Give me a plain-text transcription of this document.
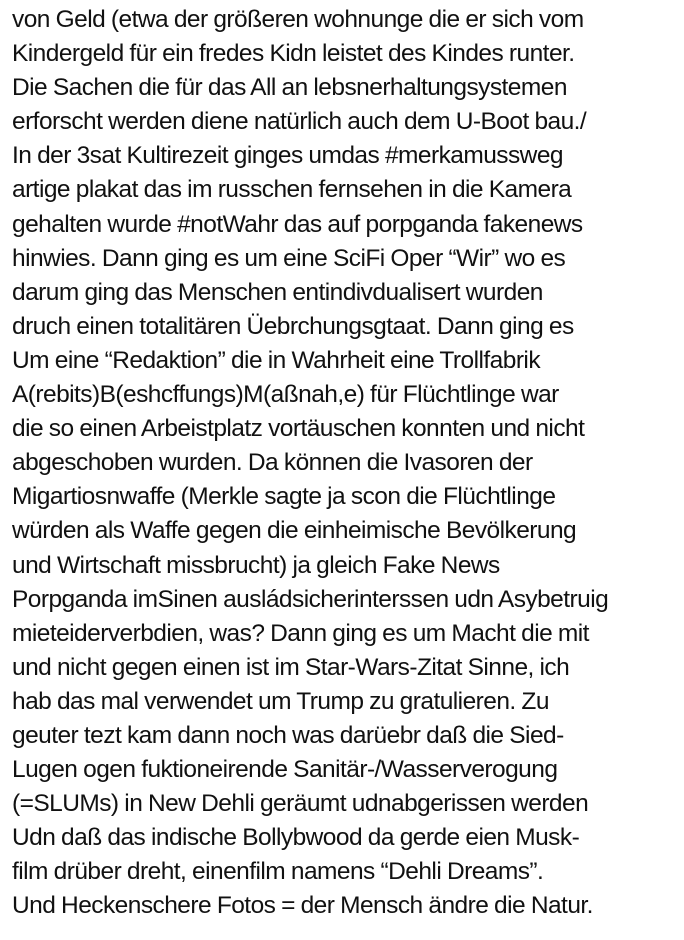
von Geld (etwa der größeren wohnunge die er sich vom
Kindergeld für ein fredes Kidn leistet des Kindes runter.
Die Sachen die für das All an lebsnerhaltungsystemen
erforscht werden diene natürlich auch dem U-Boot bau./
In der 3sat Kultirezeit ginges umdas #merkamussweg
artige plakat das im russchen fernsehen in die Kamera
gehalten wurde #notWahr das auf porpganda fakenews
hinwies. Dann ging es um eine SciFi Oper “Wir” wo es
darum ging das Menschen entindivdualisert wurden
druch einen totalitären Üebrchungsgtaat. Dann ging es
Um eine “Redaktion” die in Wahrheit eine Trollfabrik
A(rebits)B(eshcffungs)M(aßnah,e) für Flüchtlinge war
die so einen Arbeistplatz vortäuschen konnten und nicht
abgeschoben wurden. Da können die Ivasoren der
Migartiosnwaffe (Merkle sagte ja scon die Flüchtlinge
würden als Waffe gegen die einheimische Bevölkerung
und Wirtschaft missbrucht) ja gleich Fake News
Porpganda imSinen ausládsicherinterssen udn Asybetruig
mieteiderverbdien, was? Dann ging es um Macht die mit
und nicht gegen einen ist im Star-Wars-Zitat Sinne, ich
hab das mal verwendet um Trump zu gratulieren. Zu
geuter tezt kam dann noch was darüebr daß die Sied-
Lugen ogen fuktioneirende Sanitär-/Wasserverogung
(=SLUMs) in New Dehli geräumt udnabgerissen werden
Udn daß das indische Bollybwood da gerde eien Musk-
film drüber dreht, einenfilm namens “Dehli Dreams”.
Und Heckenschere Fotos = der Mensch ändre die Natur.
